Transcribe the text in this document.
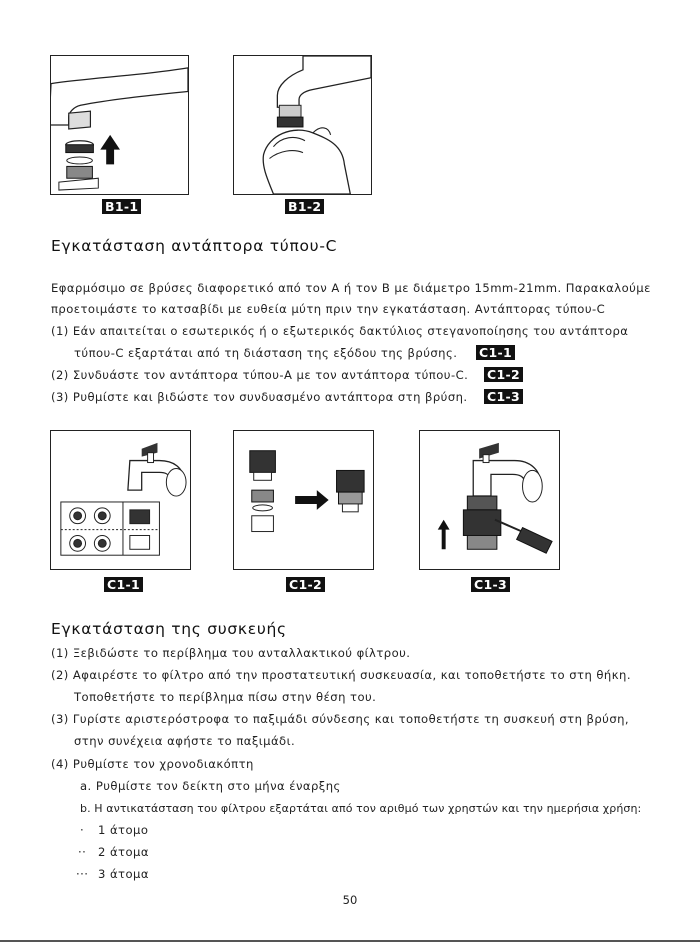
B1-1	B1-2
Εγκατάσταση αντάπτορα τύπου-C
Εφαρμόσιμο σε βρύσες διαφορετικό από τον Α ή τον Β με διάμετρο 15mm-21mm. Παρακαλούμε
προετοιμάστε το κατσαβίδι με ευθεία μύτη πριν την εγκατάσταση. Αντάπτορας τύπου-C
(1) Εάν απαιτείται ο εσωτερικός ή ο εξωτερικός δακτύλιος στεγανοποίησης του αντάπτορα
τύπου-C εξαρτάται από τη διάσταση της εξόδου της βρύσης. C1-1
(2) Συνδυάστε τον αντάπτορα τύπου-A με τον αντάπτορα τύπου-C. C1-2
(3) Ρυθμίστε και βιδώστε τον συνδυασμένο αντάπτορα στη βρύση. C1-3
C1-1	C1-2	C1-3
Εγκατάσταση της συσκευής
(1) Ξεβιδώστε το περίβλημα του ανταλλακτικού φίλτρου.
(2) Αφαιρέστε το φίλτρο από την προστατευτική συσκευασία, και τοποθετήστε το στη θήκη.
Τοποθετήστε το περίβλημα πίσω στην θέση του.
(3) Γυρίστε αριστερόστροφα το παξιμάδι σύνδεσης και τοποθετήστε τη συσκευή στη βρύση,
στην συνέχεια αφήστε το παξιμάδι.
(4) Ρυθμίστε τον χρονοδιακόπτη
a. Ρυθμίστε τον δείκτη στο μήνα έναρξης
b. Η αντικατάσταση του φίλτρου εξαρτάται από τον αριθμό των χρηστών και την ημερήσια χρήση:
· 1 άτομο
·· 2 άτομα
··· 3 άτομα
50
